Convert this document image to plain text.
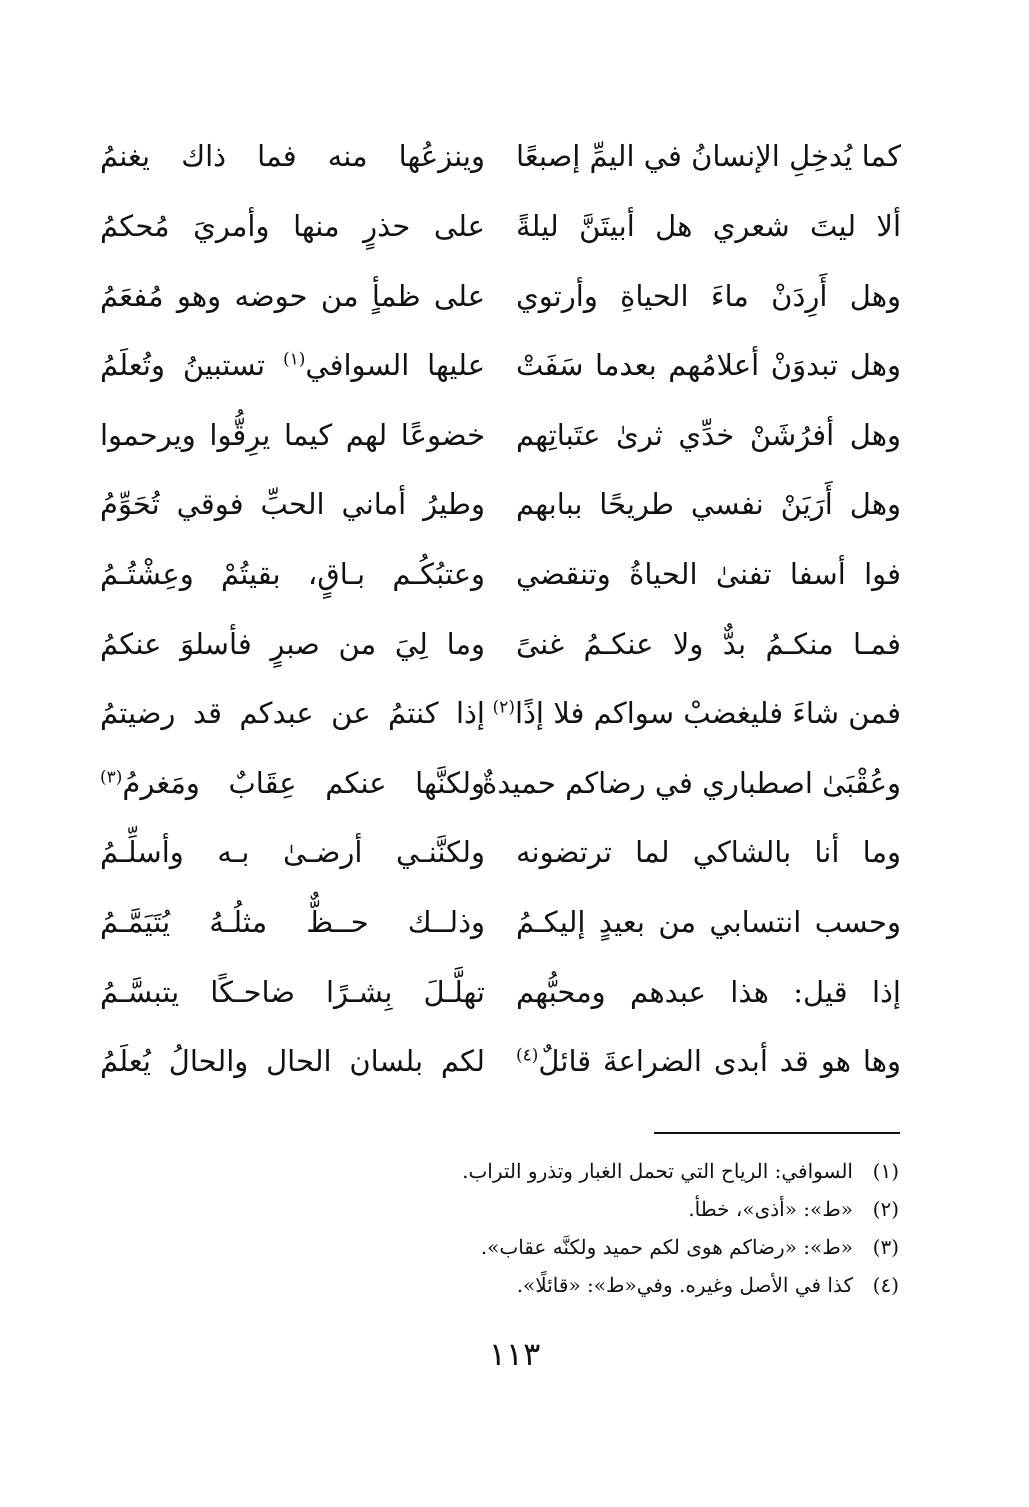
كما يُدخِلِ الإنسانُ في اليمِّ إصبعًا
وينزعُها منه فما ذاك يغنمُ
ألا ليتَ شعري هل أبيتَنَّ ليلةً
على حذرٍ منها وأمريَ مُحكمُ
وهل أَرِدَنْ ماءَ الحياةِ وأرتوي
على ظمأٍ من حوضه وهو مُفعَمُ
وهل تبدوَنْ أعلامُهم بعدما سَفَتْ
عليها السوافي$^{(١)}$ تستبينُ وتُعلَمُ
وهل أفرُشَنْ خدِّي ثرىٰ عتَباتِهم
خضوعًا لهم كيما يرِقُّوا ويرحموا
وهل أَرَيَنْ نفسي طريحًا ببابهم
وطيرُ أماني الحبِّ فوقي تُحَوِّمُ
فوا أسفا تفنىٰ الحياةُ وتنقضي
وعتبُكُـم بـاقٍ، بقيتُمْ وعِشْتُـمُ
فمـا منكـمُ بدٌّ ولا عنكـمُ غنىً
وما لِيَ من صبرٍ فأسلوَ عنكمُ
فمن شاءَ فليغضبْ سواكم فلا إذًا$^{(٢)}$
إذا كنتمُ عن عبدكم قد رضيتمُ
وعُقْبَىٰ اصطباري في رضاكم حميدةٌ
ولكنَّها عنكم عِقَابٌ ومَغرمُ$^{(٣)}$
وما أنا بالشاكي لما ترتضونه
ولكنَّنـي أرضـىٰ بـه وأسلِّـمُ
وحسب انتسابي من بعيدٍ إليكـمُ
وذلــك حــظٌّ مثلُـهُ يُتَيَمَّـمُ
إذا قيل: هذا عبدهم ومحبُّهم
تهلَّـلَ بِشـرًا ضاحـكًا يتبسَّـمُ
وها هو قد أبدى الضراعةَ قائلٌ$^{(٤)}$
لكم بلسان الحال والحالُ يُعلَمُ
(١)
السوافي: الرياح التي تحمل الغبار وتذرو التراب.
(٢)
«ط»: «أذى»، خطأ.
(٣)
«ط»: «رضاكم هوى لكم حميد ولكنَّه عقاب».
(٤)
كذا في الأصل وغيره. وفي«ط»: «قائلًا».
١١٣
